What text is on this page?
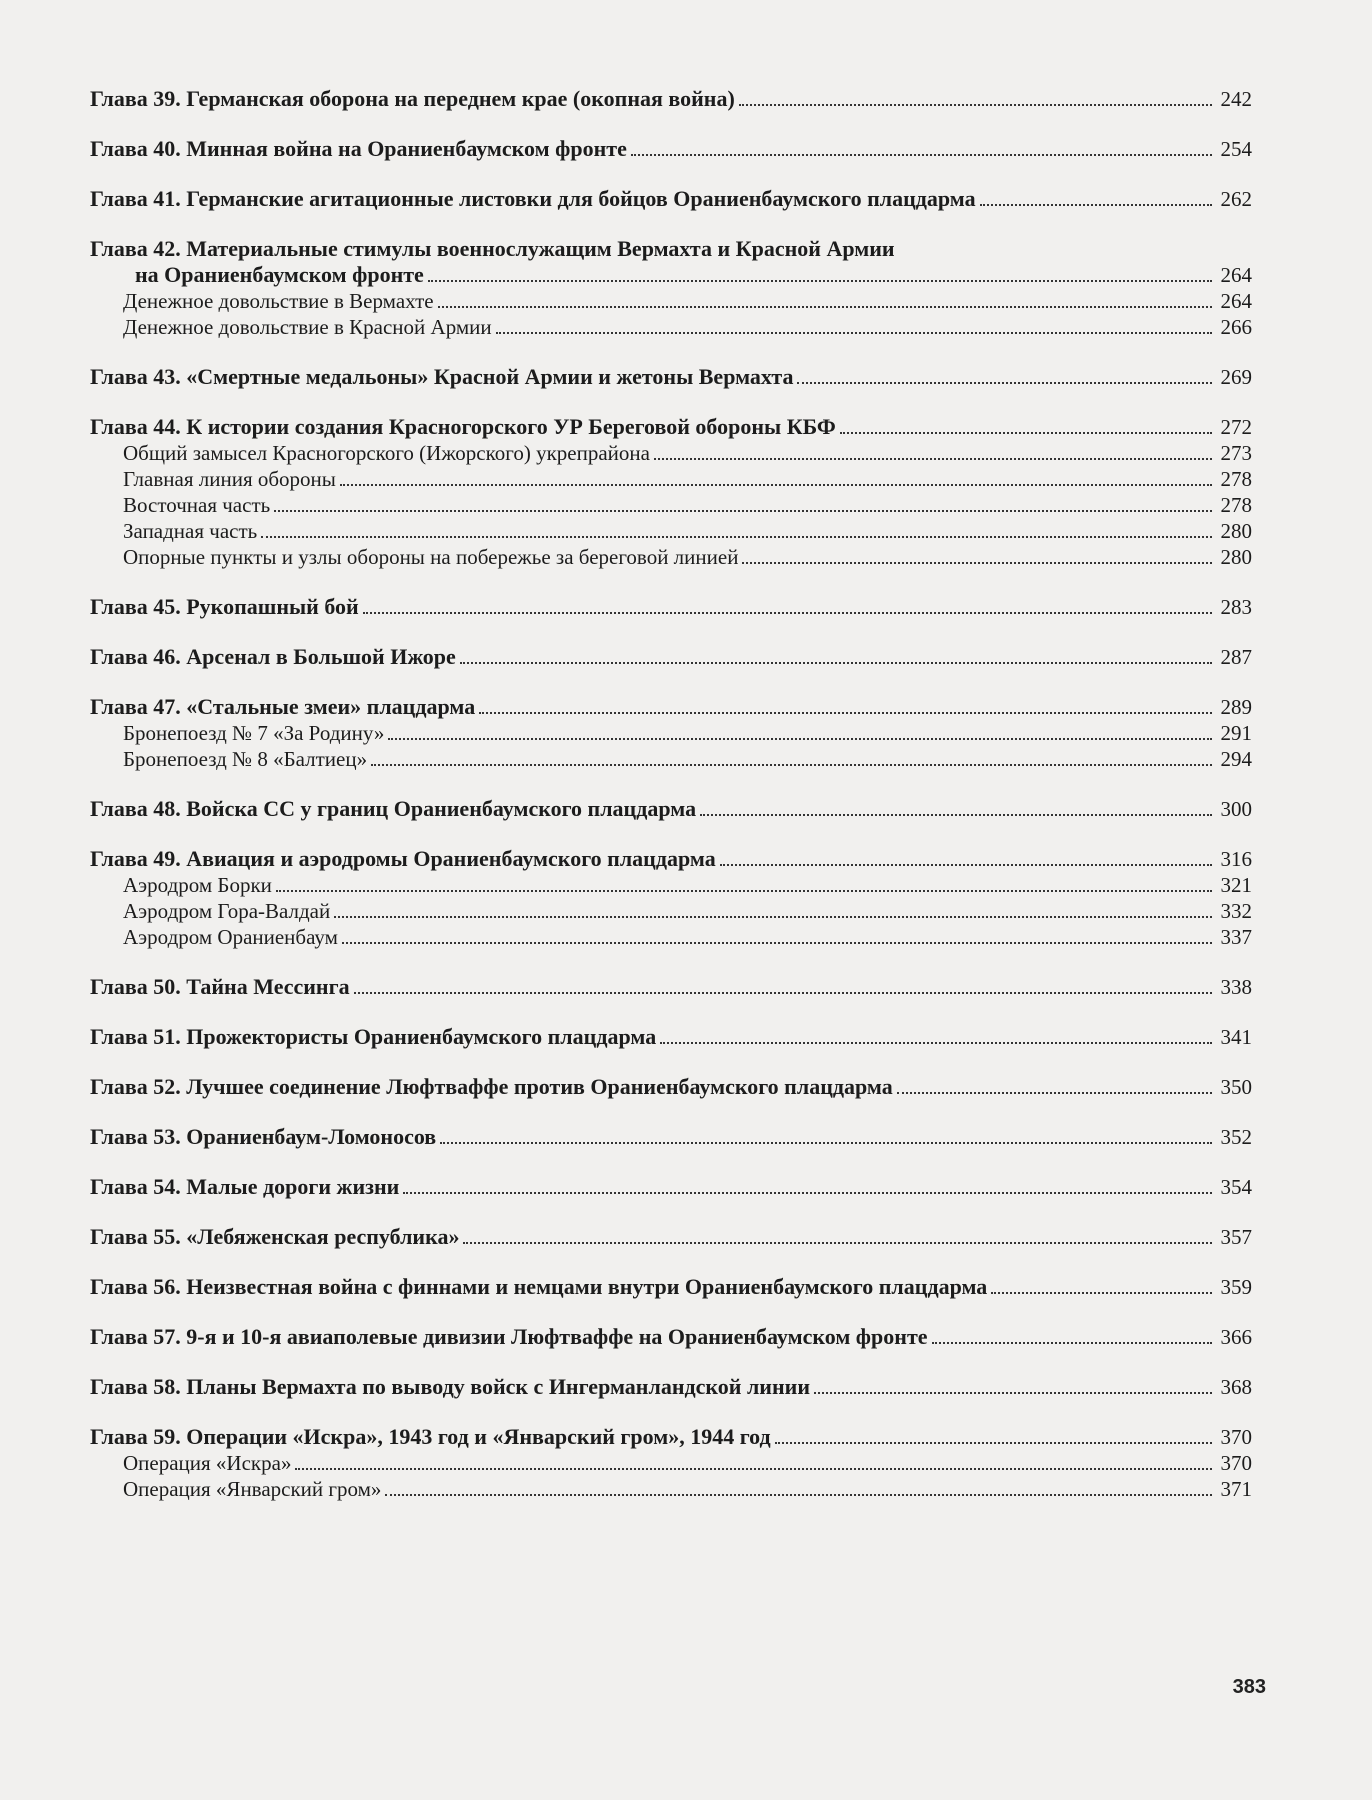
Глава 39. Германская оборона на переднем крае (окопная война)	242
Глава 40. Минная война на Ораниенбаумском фронте	254
Глава 41. Германские агитационные листовки для бойцов Ораниенбаумского плацдарма	262
Глава 42. Материальные стимулы военнослужащим Вермахта и Красной Армии
на Ораниенбаумском фронте	264
Денежное довольствие в Вермахте	264
Денежное довольствие в Красной Армии	266
Глава 43. «Смертные медальоны» Красной Армии и жетоны Вермахта	269
Глава 44. К истории создания Красногорского УР Береговой обороны КБФ	272
Общий замысел Красногорского (Ижорского) укрепрайона	273
Главная линия обороны	278
Восточная часть	278
Западная часть	280
Опорные пункты и узлы обороны на побережье за береговой линией	280
Глава 45. Рукопашный бой	283
Глава 46. Арсенал в Большой Ижоре	287
Глава 47. «Стальные змеи» плацдарма	289
Бронепоезд № 7 «За Родину»	291
Бронепоезд № 8 «Балтиец»	294
Глава 48. Войска СС у границ Ораниенбаумского плацдарма	300
Глава 49. Авиация и аэродромы Ораниенбаумского плацдарма	316
Аэродром Борки	321
Аэродром Гора-Валдай	332
Аэродром Ораниенбаум	337
Глава 50. Тайна Мессинга	338
Глава 51. Прожектористы Ораниенбаумского плацдарма	341
Глава 52. Лучшее соединение Люфтваффе против Ораниенбаумского плацдарма	350
Глава 53. Ораниенбаум-Ломоносов	352
Глава 54. Малые дороги жизни	354
Глава 55. «Лебяженская республика»	357
Глава 56. Неизвестная война с финнами и немцами внутри Ораниенбаумского плацдарма	359
Глава 57. 9-я и 10-я авиаполевые дивизии Люфтваффе на Ораниенбаумском фронте	366
Глава 58. Планы Вермахта по выводу войск с Ингерманландской линии	368
Глава 59. Операции «Искра», 1943 год и «Январский гром», 1944 год	370
Операция «Искра»	370
Операция «Январский гром»	371
383
